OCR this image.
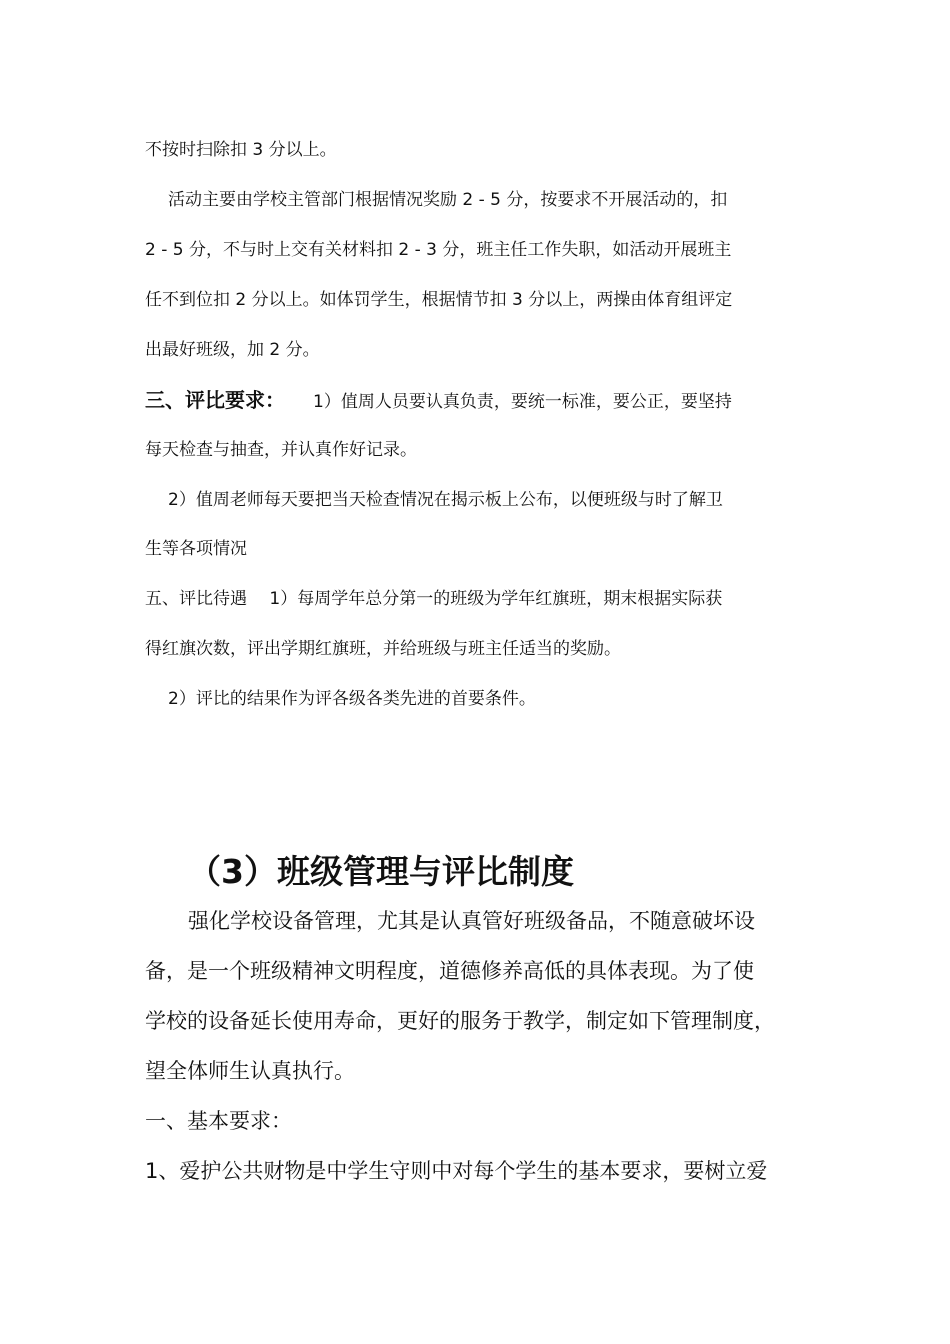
不按时扫除扣 3 分以上。
活动主要由学校主管部门根据情况奖励 2 - 5 分，按要求不开展活动的，扣
2 - 5 分，不与时上交有关材料扣 2 - 3 分，班主任工作失职，如活动开展班主
任不到位扣 2 分以上。如体罚学生，根据情节扣 3 分以上，两操由体育组评定
出最好班级，加 2 分。
三、评比要求： 1）值周人员要认真负责，要统一标准，要公正，要坚持
每天检查与抽查，并认真作好记录。
2）值周老师每天要把当天检查情况在揭示板上公布，以便班级与时了解卫
生等各项情况
五、评比待遇　 1）每周学年总分第一的班级为学年红旗班，期末根据实际获
得红旗次数，评出学期红旗班，并给班级与班主任适当的奖励。
2）评比的结果作为评各级各类先进的首要条件。
（3）班级管理与评比制度
强化学校设备管理，尤其是认真管好班级备品，不随意破坏设
备，是一个班级精神文明程度，道德修养高低的具体表现。为了使
学校的设备延长使用寿命，更好的服务于教学，制定如下管理制度，
望全体师生认真执行。
一、基本要求：
1、爱护公共财物是中学生守则中对每个学生的基本要求，要树立爱
